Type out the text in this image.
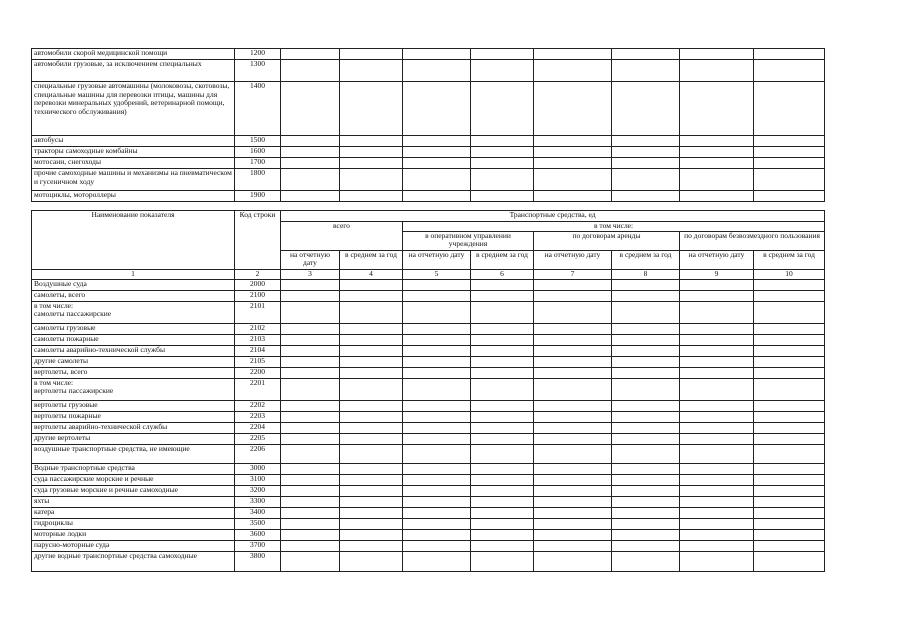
автомобили скорой медицинской помощи	1200								
автомобили грузовые, за исключением специальных	1300								
специальные грузовые автомашины (молоковозы, скотовозы, специальные машины для перевозки птицы, машины для перевозки минеральных удобрений, ветеринарной помощи, технического обслуживания)	1400								
автобусы	1500								
тракторы самоходные комбайны	1600								
мотосани, снегоходы	1700								
прочие самоходные машины и механизмы на пневматическом и гусеничном ходу	1800								
мотоциклы, мотороллеры	1900								
Наименование показателя	Код строки	Транспортные средства, ед							
		всего		в том числе:					
				в оперативном управлении учреждения		по договорам аренды		по договорам безвозмездного пользования	
		на отчетную дату	в среднем за год	на отчетную дату	в среднем за год	на отчетную дату	в среднем за год	на отчетную дату	в среднем за год
1	2	3	4	5	6	7	8	9	10
Воздушные суда	2000								
самолеты, всего	2100								
в том числе:
самолеты пассажирские	2101								
самолеты грузовые	2102								
самолеты пожарные	2103								
самолеты аварийно-технической службы	2104								
другие самолеты	2105								
вертолеты, всего	2200								
в том числе:
вертолеты пассажирские	2201								
вертолеты грузовые	2202								
вертолеты пожарные	2203								
вертолеты аварийно-технической службы	2204								
другие вертолеты	2205								
воздушные транспортные средства, не имеющие	2206								
Водные транспортные средства	3000								
суда пассажирские морские и речные	3100								
суда грузовые морские и речные самоходные	3200								
яхты	3300								
катера	3400								
гидроциклы	3500								
моторные лодки	3600								
парусно-моторные суда	3700								
другие водные транспортные средства самоходные	3800								
· · · · · · · · · ·
